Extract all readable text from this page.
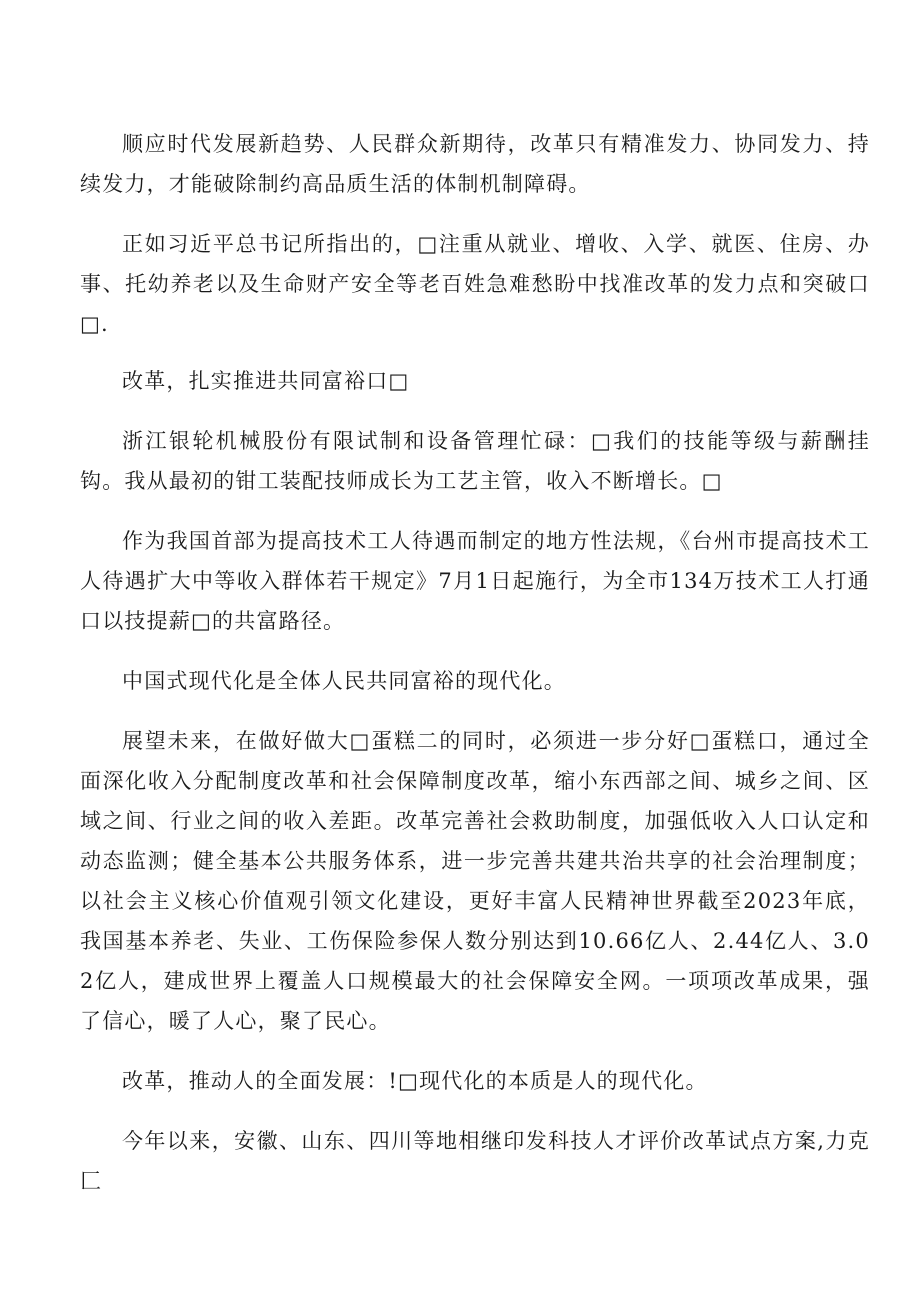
顺应时代发展新趋势、人民群众新期待，改革只有精准发力、协同发力、持续发力，才能破除制约高品质生活的体制机制障碍。

正如习近平总书记所指出的，□注重从就业、增收、入学、就医、住房、办事、托幼养老以及生命财产安全等老百姓急难愁盼中找准改革的发力点和突破口□.

改革，扎实推进共同富裕口□

浙江银轮机械股份有限试制和设备管理忙碌：□我们的技能等级与薪酬挂钩。我从最初的钳工装配技师成长为工艺主管，收入不断增长。□

作为我国首部为提高技术工人待遇而制定的地方性法规，《台州市提高技术工人待遇扩大中等收入群体若干规定》7月1日起施行，为全市134万技术工人打通口以技提薪□的共富路径。

中国式现代化是全体人民共同富裕的现代化。

展望未来，在做好做大□蛋糕二的同时，必须进一步分好□蛋糕口，通过全面深化收入分配制度改革和社会保障制度改革，缩小东西部之间、城乡之间、区域之间、行业之间的收入差距。改革完善社会救助制度，加强低收入人口认定和动态监测；健全基本公共服务体系，进一步完善共建共治共享的社会治理制度；以社会主义核心价值观引领文化建设，更好丰富人民精神世界截至2023年底，我国基本养老、失业、工伤保险参保人数分别达到10.66亿人、2.44亿人、3.02亿人，建成世界上覆盖人口规模最大的社会保障安全网。一项项改革成果，强了信心，暖了人心，聚了民心。

改革，推动人的全面发展：!□现代化的本质是人的现代化。

今年以来，安徽、山东、四川等地相继印发科技人才评价改革试点方案,力克匚
